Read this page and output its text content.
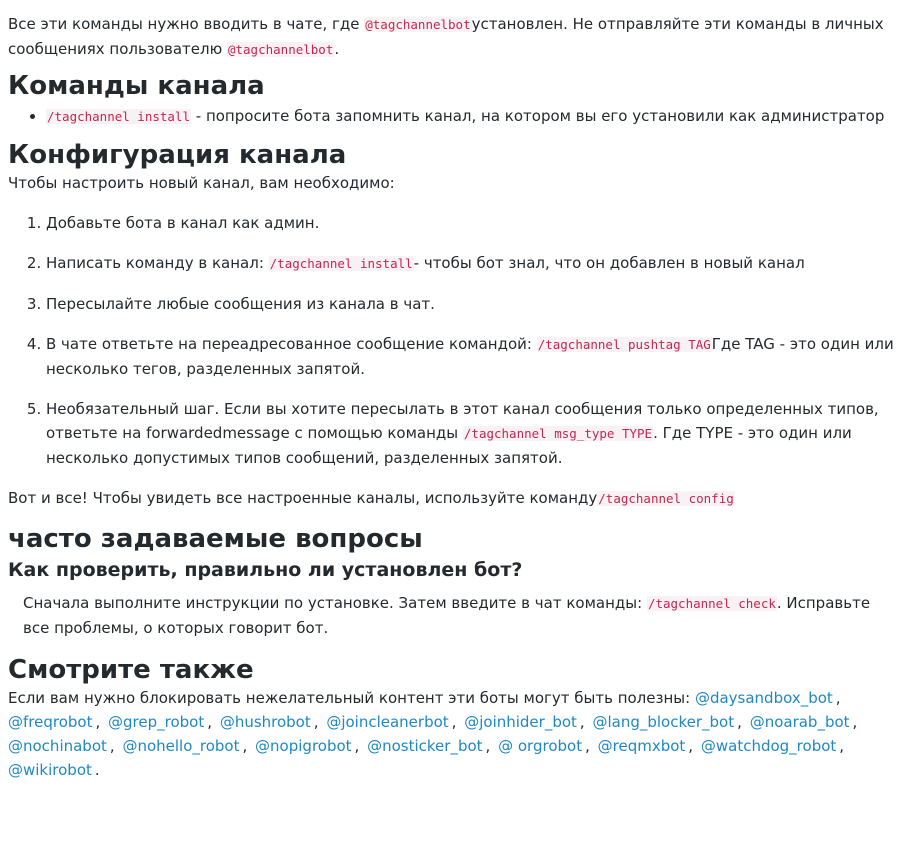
Все эти команды нужно вводить в чате, где @tagchannelbotустановлен. Не отправляйте эти команды в личных сообщениях пользователю @tagchannelbot.

Команды канала
• /tagchannel install - попросите бота запомнить канал, на котором вы его установили как администратор
Конфигурация канала

Чтобы настроить новый канал, вам необходимо:

1. Добавьте бота в канал как админ.
2. Написать команду в канал: /tagchannel install- чтобы бот знал, что он добавлен в новый канал
3. Пересылайте любые сообщения из канала в чат.
4. В чате ответьте на переадресованное сообщение командой: /tagchannel pushtag TAGГде TAG - это один или несколько тегов, разделенных запятой.
5. Необязательный шаг. Если вы хотите пересылать в этот канал сообщения только определенных типов, ответьте на forwardedmessage с помощью команды /tagchannel msg_type TYPE. Где TYPE - это один или несколько допустимых типов сообщений, разделенных запятой.

Вот и все! Чтобы увидеть все настроенные каналы, используйте команду/tagchannel config

часто задаваемые вопросы
Как проверить, правильно ли установлен бот?

Сначала выполните инструкции по установке. Затем введите в чат команды: /tagchannel check. Исправьте все проблемы, о которых говорит бот.

Смотрите также

Если вам нужно блокировать нежелательный контент эти боты могут быть полезны: @daysandbox_bot , @freqrobot , @grep_robot , @hushrobot , @joincleanerbot , @joinhider_bot , @lang_blocker_bot , @noarab_bot , @nochinabot , @nohello_robot , @nopigrobot , @nosticker_bot , @ orgrobot , @reqmxbot , @watchdog_robot , @wikirobot .
